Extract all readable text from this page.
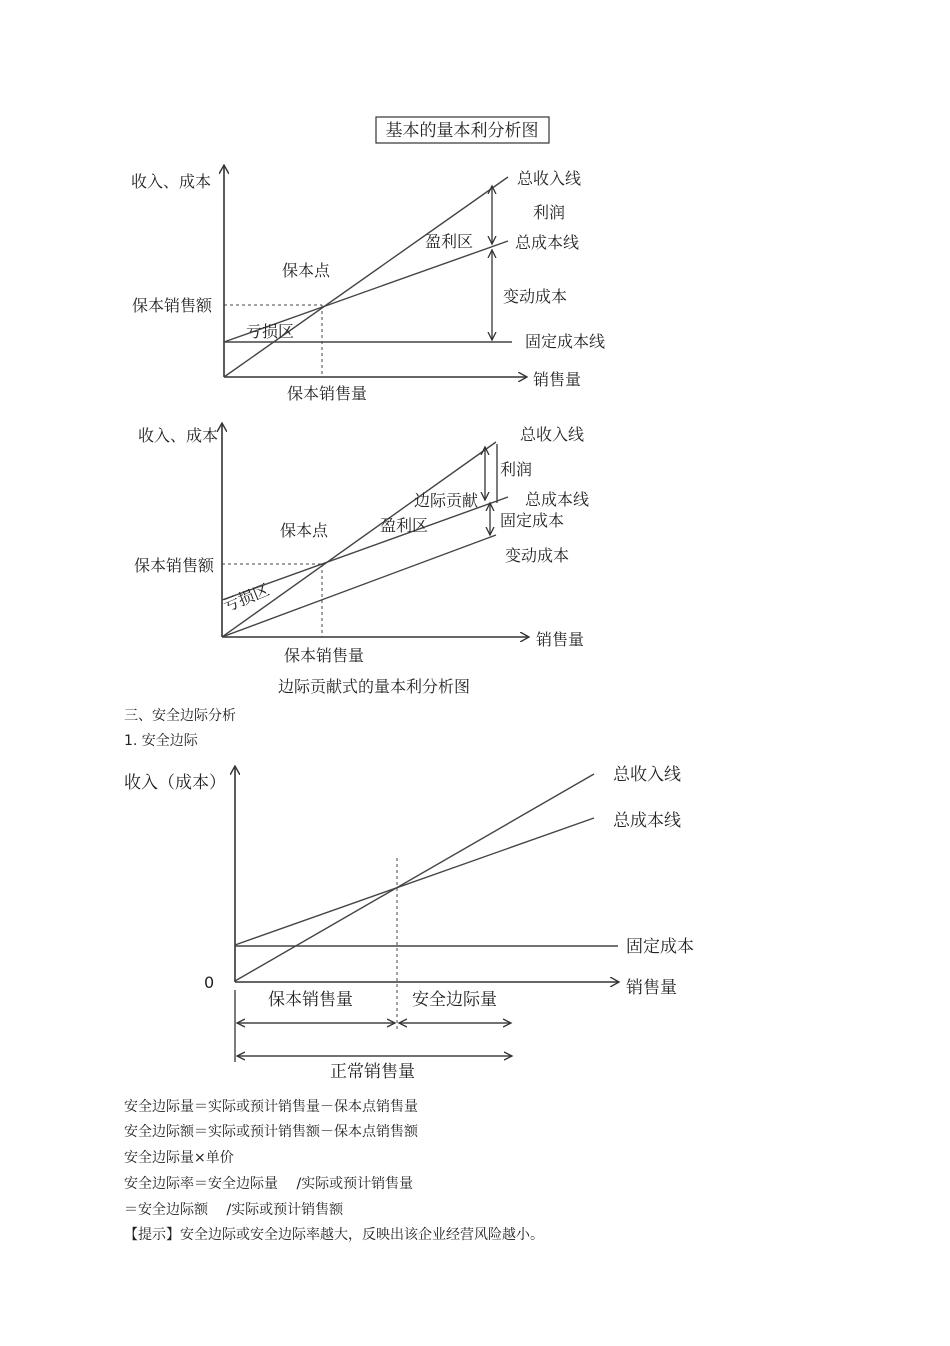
基本的量本利分析图
收入、成本	总收入线
利润
总成本线
盈利区
保本点
变动成本
保本销售额
亏损区
固定成本线
销售量
保本销售量
收入、成本	总收入线
利润
边际贡献	总成本线
固定成本
盈利区
保本点
变动成本
保本销售额
亏损区
销售量
保本销售量
边际贡献式的量本利分析图
收入（成本）	总收入线
总成本线
固定成本
0	销售量
保本销售量	安全边际量
正常销售量
三、安全边际分析
1. 安全边际
安全边际量＝实际或预计销售量－保本点销售量
安全边际额＝实际或预计销售额－保本点销售额
安全边际量×单价
安全边际率＝安全边际量　 /实际或预计销售量
＝安全边际额 　/实际或预计销售额
【提示】安全边际或安全边际率越大，反映出该企业经营风险越小。
